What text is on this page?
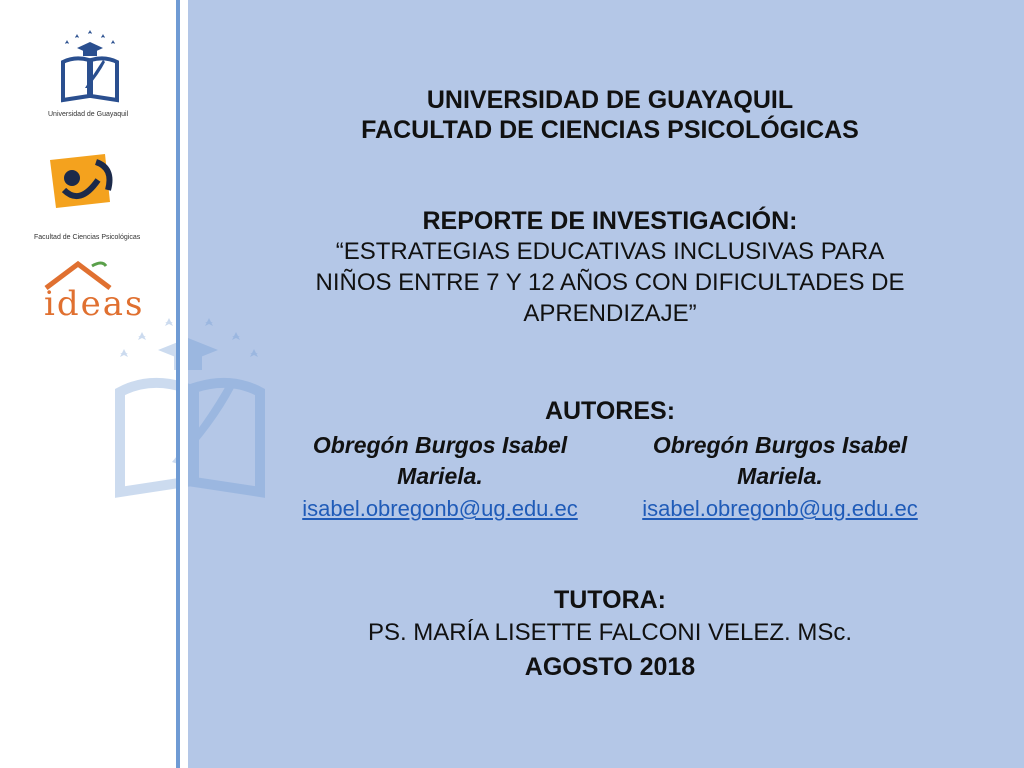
Universidad de Guayaquil
Facultad de Ciencias Psicológicas
ideas
UNIVERSIDAD DE GUAYAQUIL
FACULTAD DE CIENCIAS PSICOLÓGICAS
REPORTE DE INVESTIGACIÓN:
“ESTRATEGIAS EDUCATIVAS INCLUSIVAS PARA
NIÑOS ENTRE 7 Y 12 AÑOS CON DIFICULTADES DE
APRENDIZAJE”
AUTORES:
Obregón Burgos Isabel
Mariela.
isabel.obregonb@ug.edu.ec
Obregón Burgos Isabel
Mariela.
isabel.obregonb@ug.edu.ec
TUTORA:
PS. MARÍA LISETTE FALCONI VELEZ. MSc.
AGOSTO 2018
